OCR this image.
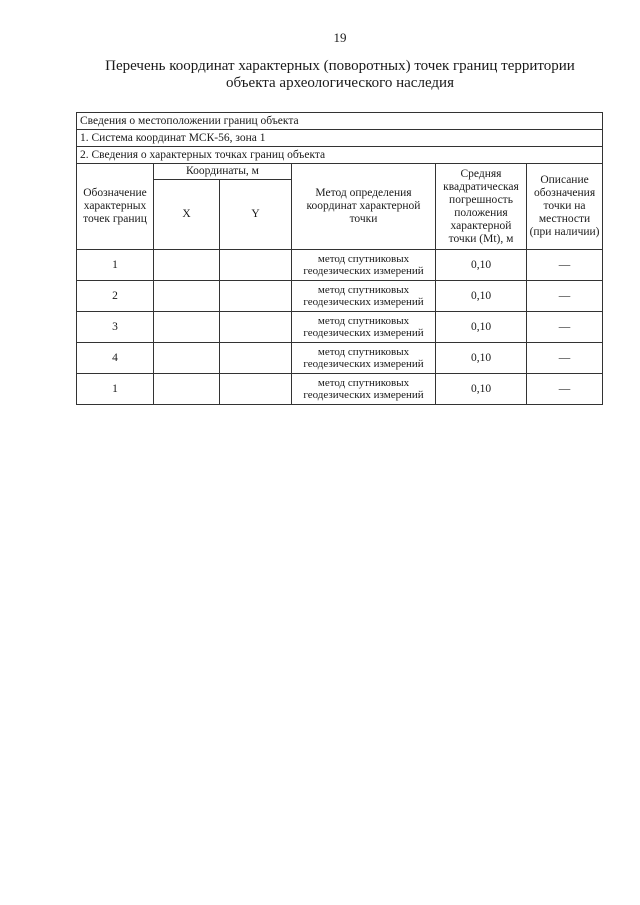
19
Перечень координат характерных (поворотных) точек границ территории
объекта археологического наследия
Сведения о местоположении границ объекта					
1. Система координат МСК-56, зона 1					
2. Сведения о характерных точках границ объекта					
Обозначение характерных точек границ	Координаты, м		Метод определения координат характерной точки	Средняя квадратическая погрешность положения характерной точки (Mt), м	Описание обозначения точки на местности (при наличии)
	X	Y			
1			метод спутниковых геодезических измерений	0,10	—
2			метод спутниковых геодезических измерений	0,10	—
3			метод спутниковых геодезических измерений	0,10	—
4			метод спутниковых геодезических измерений	0,10	—
1			метод спутниковых геодезических измерений	0,10	—
